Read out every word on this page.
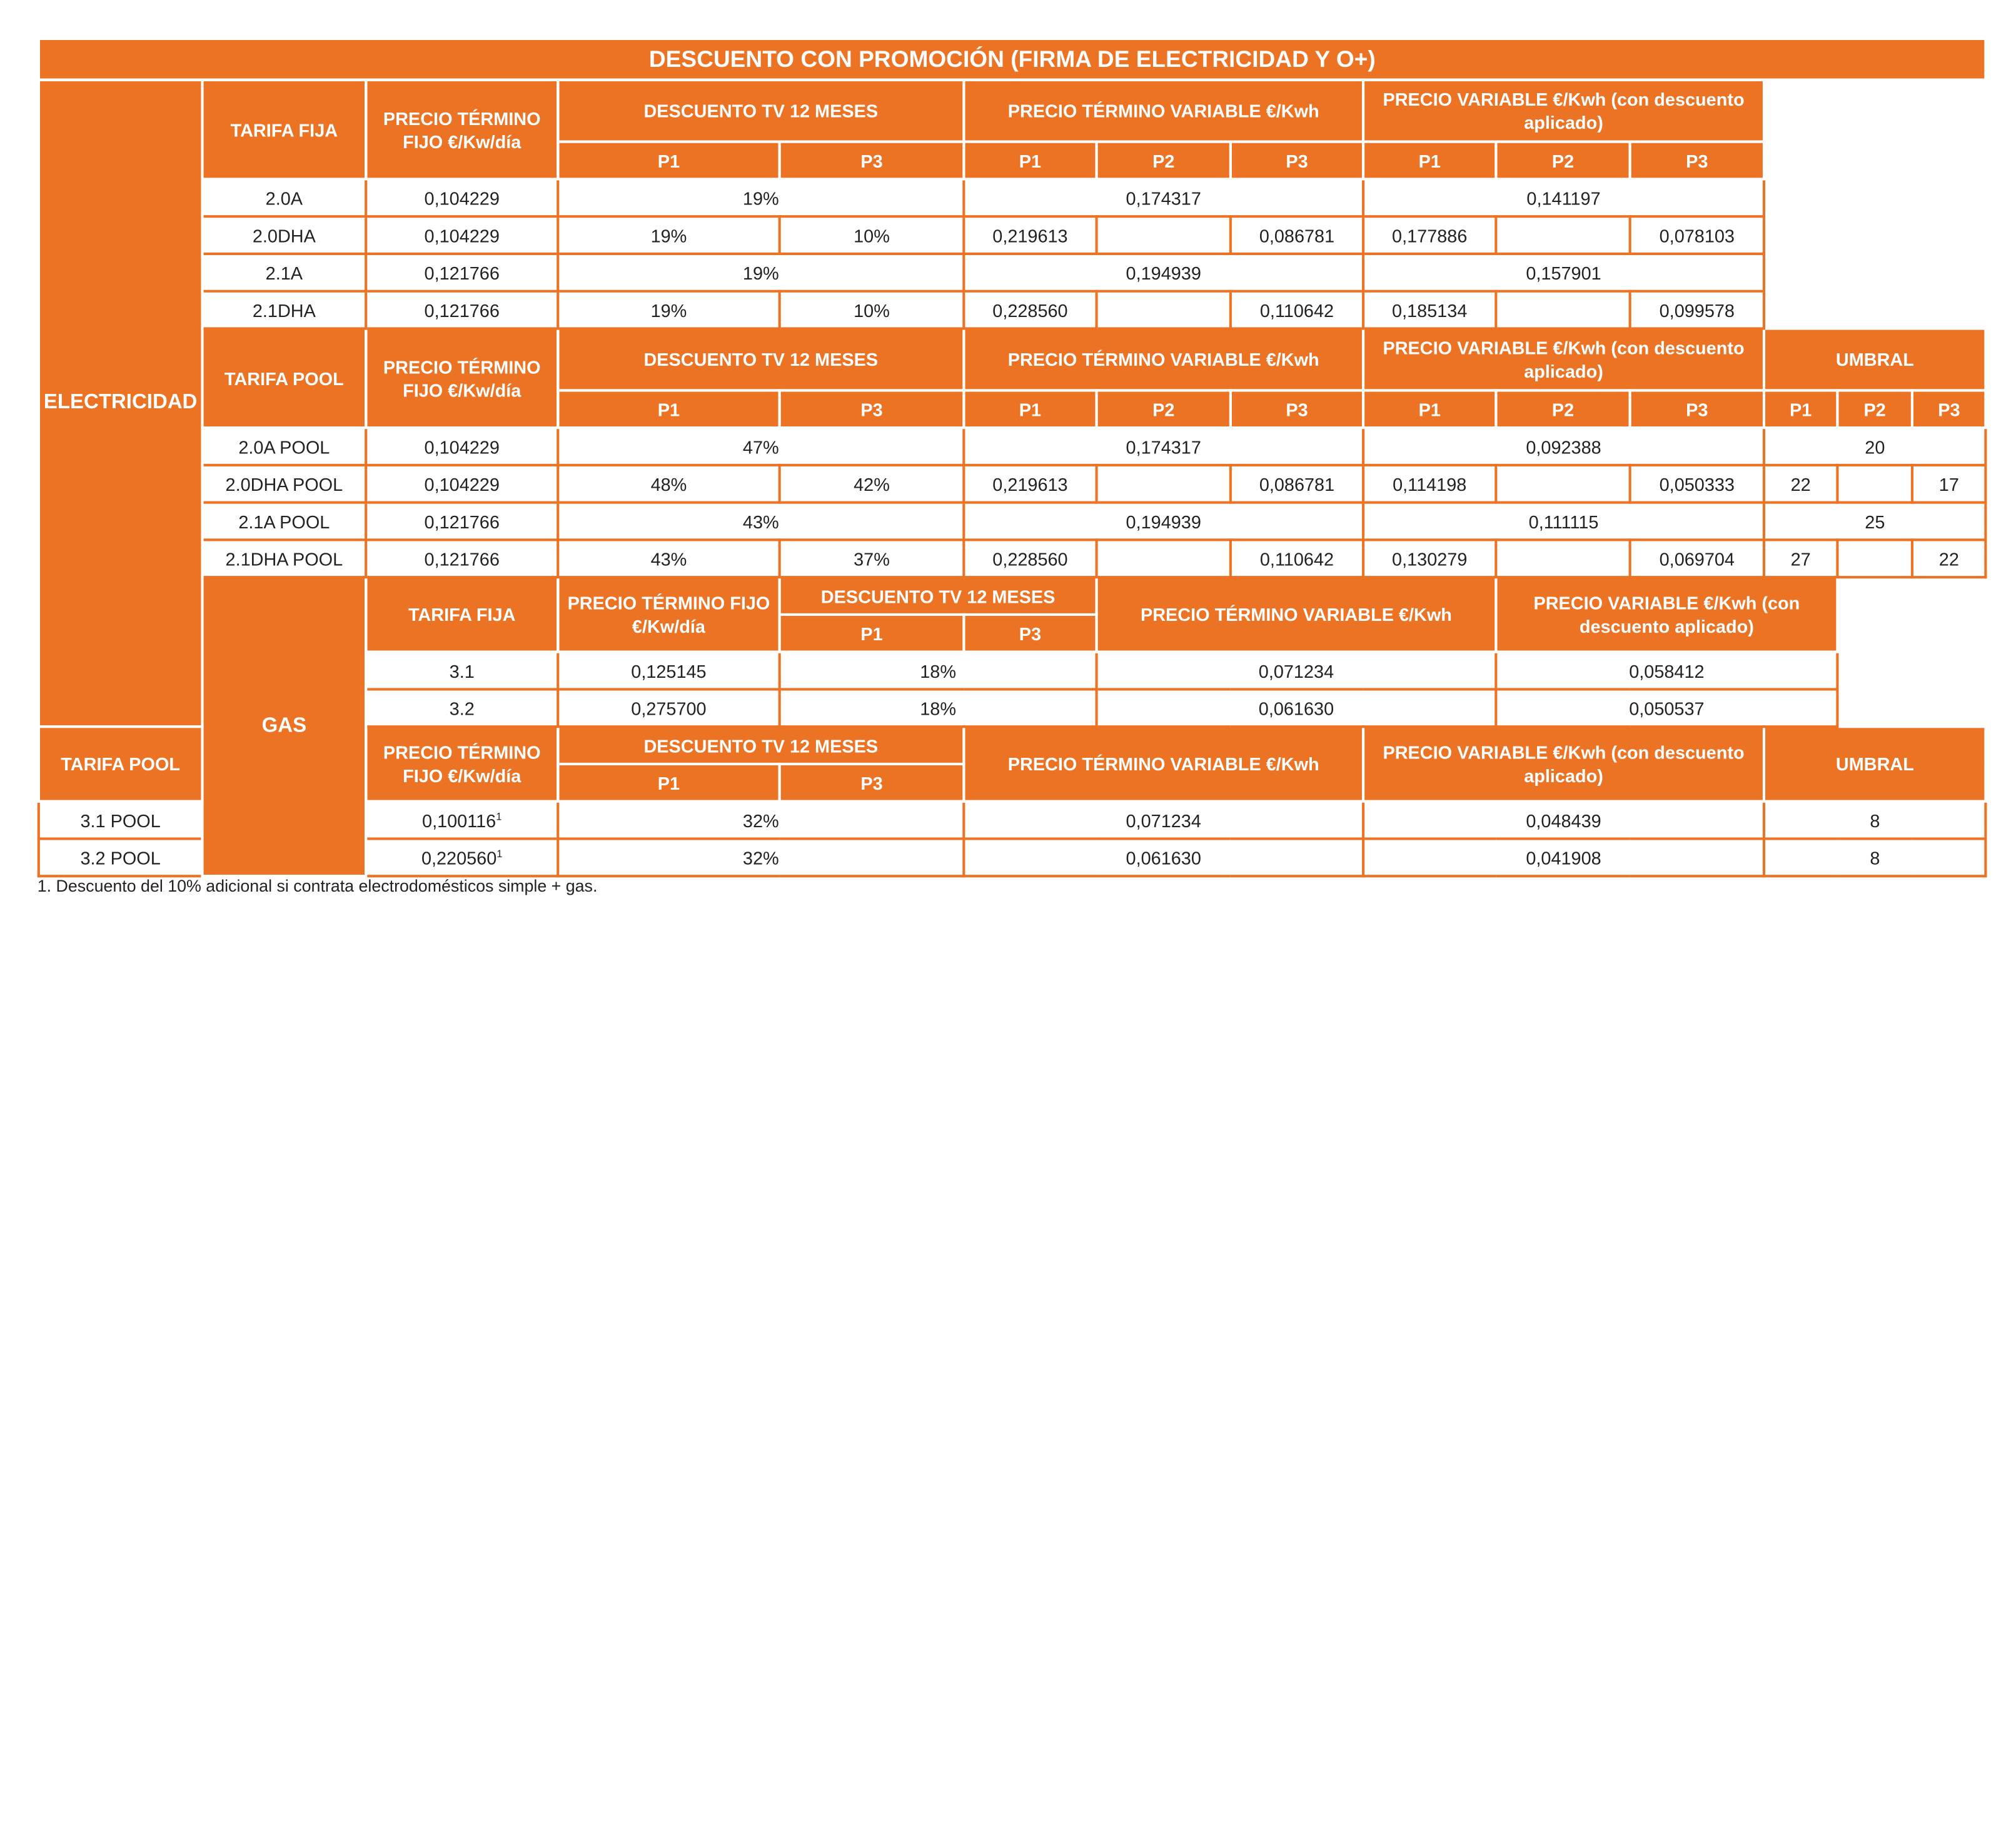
DESCUENTO CON PROMOCIÓN (FIRMA DE ELECTRICIDAD Y O+)													
ELECTRICIDAD	TARIFA FIJA	PRECIO TÉRMINO FIJO €/Kw/día	DESCUENTO TV 12 MESES		PRECIO TÉRMINO VARIABLE €/Kwh			PRECIO VARIABLE €/Kwh (con descuento aplicado)					
			P1	P3	P1	P2	P3	P1	P2	P3			
	2.0A	0,104229	19%		0,174317			0,141197					
	2.0DHA	0,104229	19%	10%	0,219613		0,086781	0,177886		0,078103			
	2.1A	0,121766	19%		0,194939			0,157901					
	2.1DHA	0,121766	19%	10%	0,228560		0,110642	0,185134		0,099578			
	TARIFA POOL	PRECIO TÉRMINO FIJO €/Kw/día	DESCUENTO TV 12 MESES		PRECIO TÉRMINO VARIABLE €/Kwh			PRECIO VARIABLE €/Kwh (con descuento aplicado)			UMBRAL		
			P1	P3	P1	P2	P3	P1	P2	P3	P1	P2	P3
	2.0A POOL	0,104229	47%		0,174317			0,092388			20		
	2.0DHA POOL	0,104229	48%	42%	0,219613		0,086781	0,114198		0,050333	22		17
	2.1A POOL	0,121766	43%		0,194939			0,111115			25		
	2.1DHA POOL	0,121766	43%	37%	0,228560		0,110642	0,130279		0,069704	27		22
	GAS	TARIFA FIJA	PRECIO TÉRMINO FIJO €/Kw/día	DESCUENTO TV 12 MESES		PRECIO TÉRMINO VARIABLE €/Kwh			PRECIO VARIABLE €/Kwh (con descuento aplicado)				
				P1	P3								
		3.1	0,125145	18%		0,071234			0,058412				
		3.2	0,275700	18%		0,061630			0,050537				
TARIFA POOL		PRECIO TÉRMINO FIJO €/Kw/día	DESCUENTO TV 12 MESES		PRECIO TÉRMINO VARIABLE €/Kwh			PRECIO VARIABLE €/Kwh (con descuento aplicado)			UMBRAL		
			P1	P3									
3.1 POOL		0,100116$^1$	32%		0,071234			0,048439			8		
3.2 POOL		0,220560$^1$	32%		0,061630			0,041908			8		
1. Descuento del 10% adicional si contrata electrodomésticos simple + gas.
